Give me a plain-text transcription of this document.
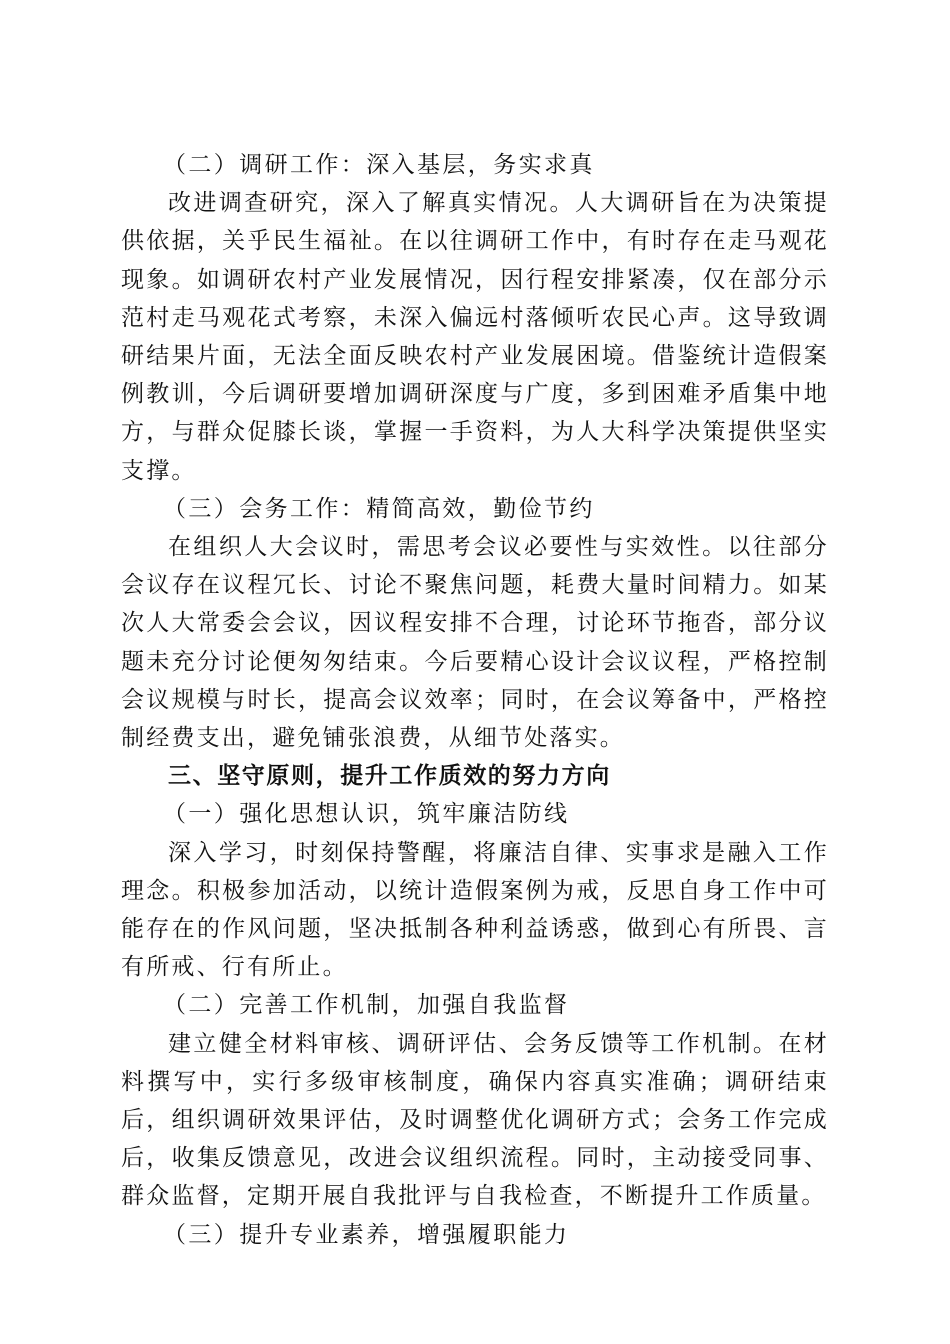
（二）调研工作：深入基层，务实求真

改进调查研究，深入了解真实情况。人大调研旨在为决策提供依据，关乎民生福祉。在以往调研工作中，有时存在走马观花现象。如调研农村产业发展情况，因行程安排紧凑，仅在部分示范村走马观花式考察，未深入偏远村落倾听农民心声。这导致调研结果片面，无法全面反映农村产业发展困境。借鉴统计造假案例教训，今后调研要增加调研深度与广度，多到困难矛盾集中地方，与群众促膝长谈，掌握一手资料，为人大科学决策提供坚实支撑。

（三）会务工作：精简高效，勤俭节约

在组织人大会议时，需思考会议必要性与实效性。以往部分会议存在议程冗长、讨论不聚焦问题，耗费大量时间精力。如某次人大常委会会议，因议程安排不合理，讨论环节拖沓，部分议题未充分讨论便匆匆结束。今后要精心设计会议议程，严格控制会议规模与时长，提高会议效率；同时，在会议筹备中，严格控制经费支出，避免铺张浪费，从细节处落实。

三、坚守原则，提升工作质效的努力方向

（一）强化思想认识，筑牢廉洁防线

深入学习，时刻保持警醒，将廉洁自律、实事求是融入工作理念。积极参加活动，以统计造假案例为戒，反思自身工作中可能存在的作风问题，坚决抵制各种利益诱惑，做到心有所畏、言有所戒、行有所止。

（二）完善工作机制，加强自我监督

建立健全材料审核、调研评估、会务反馈等工作机制。在材料撰写中，实行多级审核制度，确保内容真实准确；调研结束后，组织调研效果评估，及时调整优化调研方式；会务工作完成后，收集反馈意见，改进会议组织流程。同时，主动接受同事、群众监督，定期开展自我批评与自我检查，不断提升工作质量。

（三）提升专业素养，增强履职能力
